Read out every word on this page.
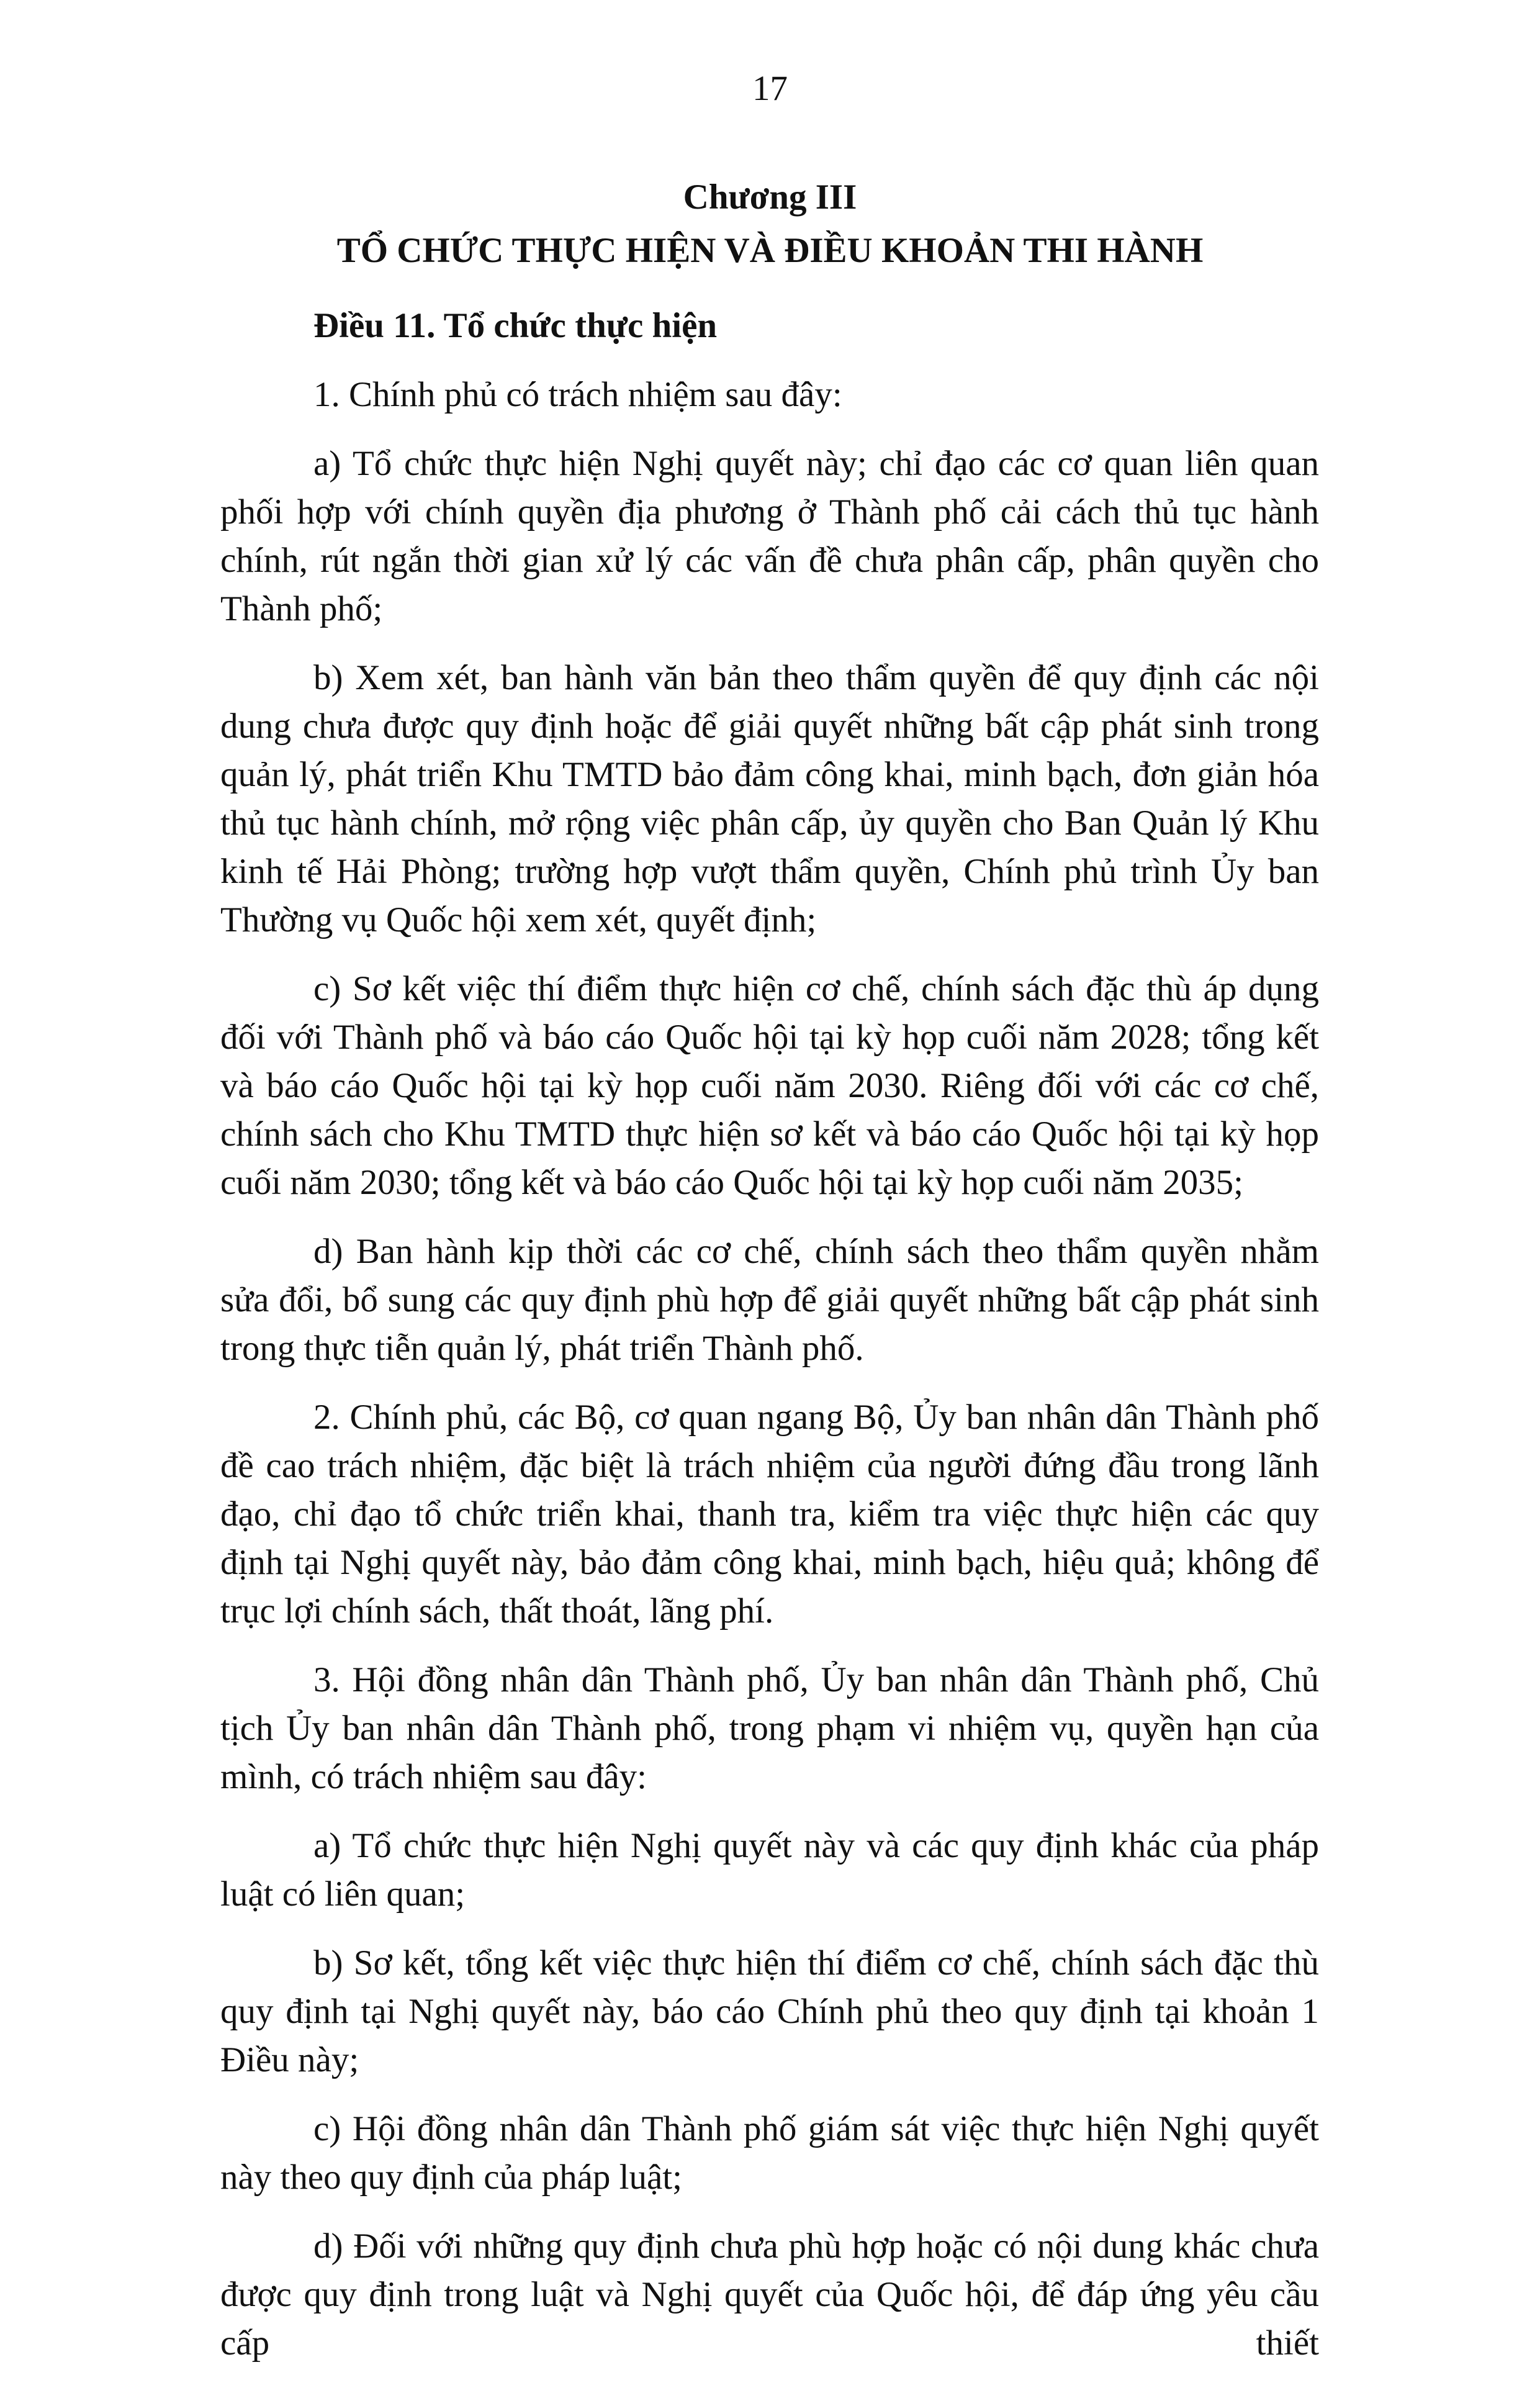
17
Chương III
TỔ CHỨC THỰC HIỆN VÀ ĐIỀU KHOẢN THI HÀNH
Điều 11. Tổ chức thực hiện

1. Chính phủ có trách nhiệm sau đây:

a) Tổ chức thực hiện Nghị quyết này; chỉ đạo các cơ quan liên quan phối hợp với chính quyền địa phương ở Thành phố cải cách thủ tục hành chính, rút ngắn thời gian xử lý các vấn đề chưa phân cấp, phân quyền cho Thành phố;

b) Xem xét, ban hành văn bản theo thẩm quyền để quy định các nội dung chưa được quy định hoặc để giải quyết những bất cập phát sinh trong quản lý, phát triển Khu TMTD bảo đảm công khai, minh bạch, đơn giản hóa thủ tục hành chính, mở rộng việc phân cấp, ủy quyền cho Ban Quản lý Khu kinh tế Hải Phòng; trường hợp vượt thẩm quyền, Chính phủ trình Ủy ban Thường vụ Quốc hội xem xét, quyết định;

c) Sơ kết việc thí điểm thực hiện cơ chế, chính sách đặc thù áp dụng đối với Thành phố và báo cáo Quốc hội tại kỳ họp cuối năm 2028; tổng kết và báo cáo Quốc hội tại kỳ họp cuối năm 2030. Riêng đối với các cơ chế, chính sách cho Khu TMTD thực hiện sơ kết và báo cáo Quốc hội tại kỳ họp cuối năm 2030; tổng kết và báo cáo Quốc hội tại kỳ họp cuối năm 2035;

d) Ban hành kịp thời các cơ chế, chính sách theo thẩm quyền nhằm sửa đổi, bổ sung các quy định phù hợp để giải quyết những bất cập phát sinh trong thực tiễn quản lý, phát triển Thành phố.

2. Chính phủ, các Bộ, cơ quan ngang Bộ, Ủy ban nhân dân Thành phố đề cao trách nhiệm, đặc biệt là trách nhiệm của người đứng đầu trong lãnh đạo, chỉ đạo tổ chức triển khai, thanh tra, kiểm tra việc thực hiện các quy định tại Nghị quyết này, bảo đảm công khai, minh bạch, hiệu quả; không để trục lợi chính sách, thất thoát, lãng phí.

3. Hội đồng nhân dân Thành phố, Ủy ban nhân dân Thành phố, Chủ tịch Ủy ban nhân dân Thành phố, trong phạm vi nhiệm vụ, quyền hạn của mình, có trách nhiệm sau đây:

a) Tổ chức thực hiện Nghị quyết này và các quy định khác của pháp luật có liên quan;

b) Sơ kết, tổng kết việc thực hiện thí điểm cơ chế, chính sách đặc thù quy định tại Nghị quyết này, báo cáo Chính phủ theo quy định tại khoản 1 Điều này;

c) Hội đồng nhân dân Thành phố giám sát việc thực hiện Nghị quyết này theo quy định của pháp luật;

d) Đối với những quy định chưa phù hợp hoặc có nội dung khác chưa được quy định trong luật và Nghị quyết của Quốc hội, để đáp ứng yêu cầu cấp thiết
